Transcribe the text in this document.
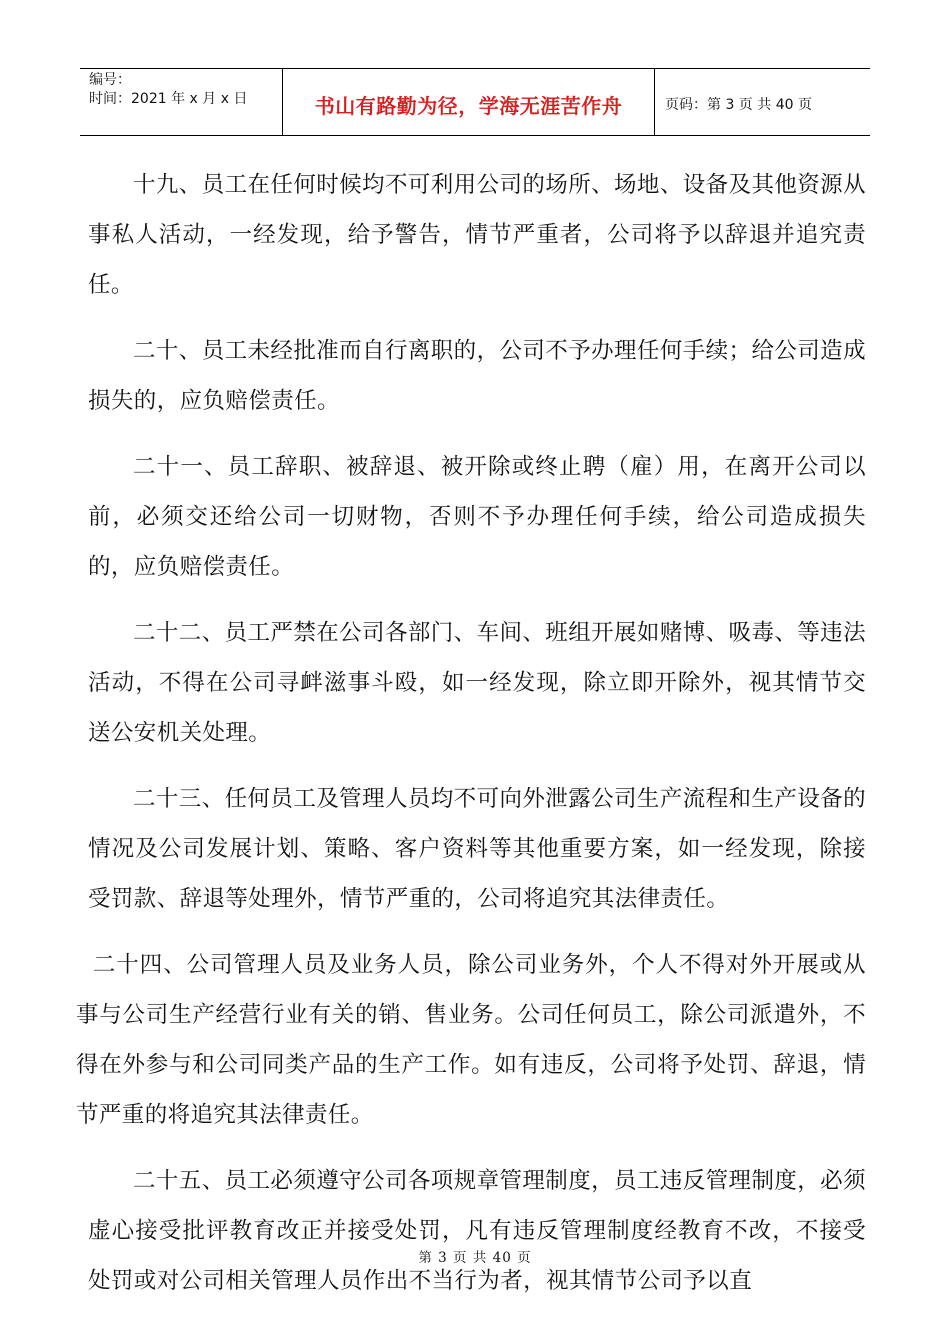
编号：
时间：2021 年 x 月 x 日	书山有路勤为径，学海无涯苦作舟	页码：第 3 页 共 40 页

十九、员工在任何时候均不可利用公司的场所、场地、设备及其他资源从事私人活动，一经发现，给予警告，情节严重者，公司将予以辞退并追究责任。

二十、员工未经批准而自行离职的，公司不予办理任何手续；给公司造成损失的，应负赔偿责任。

二十一、员工辞职、被辞退、被开除或终止聘（雇）用，在离开公司以前，必须交还给公司一切财物，否则不予办理任何手续，给公司造成损失的，应负赔偿责任。

二十二、员工严禁在公司各部门、车间、班组开展如赌博、吸毒、等违法活动，不得在公司寻衅滋事斗殴，如一经发现，除立即开除外，视其情节交送公安机关处理。

二十三、任何员工及管理人员均不可向外泄露公司生产流程和生产设备的情况及公司发展计划、策略、客户资料等其他重要方案，如一经发现，除接受罚款、辞退等处理外，情节严重的，公司将追究其法律责任。

二十四、公司管理人员及业务人员，除公司业务外，个人不得对外开展或从事与公司生产经营行业有关的销、售业务。公司任何员工，除公司派遣外，不得在外参与和公司同类产品的生产工作。如有违反，公司将予处罚、辞退，情节严重的将追究其法律责任。

二十五、员工必须遵守公司各项规章管理制度，员工违反管理制度，必须虚心接受批评教育改正并接受处罚，凡有违反管理制度经教育不改，不接受处罚或对公司相关管理人员作出不当行为者，视其情节公司予以直

第 3 页 共 40 页
